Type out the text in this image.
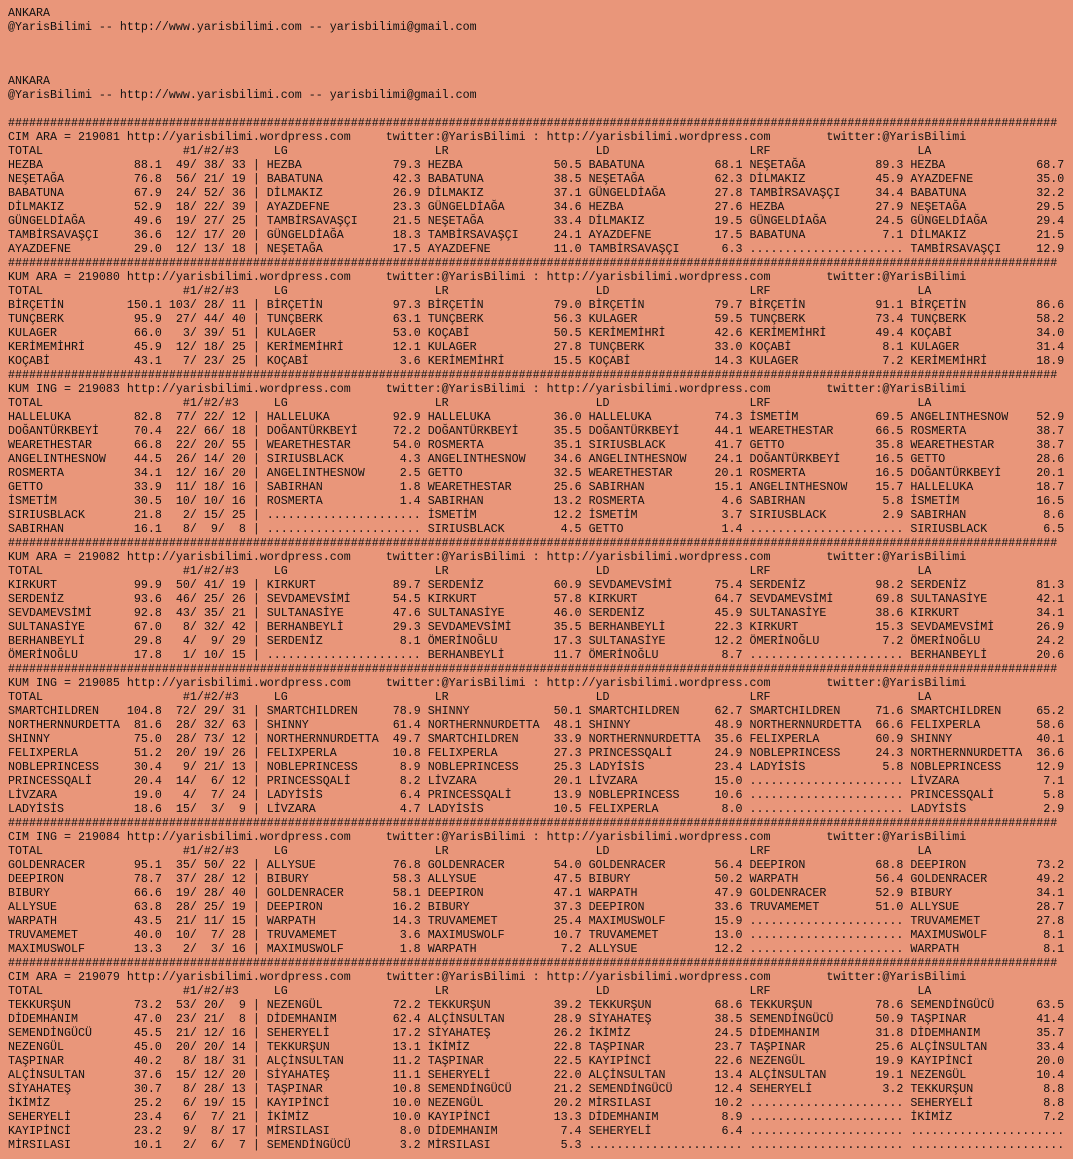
ANKARA
@YarisBilimi -- http://www.yarisbilimi.com -- yarisbilimi@gmail.com
ANKARA
@YarisBilimi -- http://www.yarisbilimi.com -- yarisbilimi@gmail.com
######################################################################################################################################################
CIM ARA = 219081 http://yarisbilimi.wordpress.com	twitter:@YarisBilimi : http://yarisbilimi.wordpress.com	twitter:@YarisBilimi
TOTAL	#1/#2/#3	LG	LR	LD	LRF	LA
HEZBA	88.1	49 / 38 / 33 | HEZBA	79.3 HEZBA	50.5 BABATUNA	68.1 NEŞETAĞA	89.3 HEZBA	68.7
NEŞETAĞA	76.8	56 / 21 / 19 | BABATUNA	42.3 BABATUNA	38.5 NEŞETAĞA	62.3 DİLMAKIZ	45.9 AYAZDEFNE	35.0
BABATUNA	67.9	24 / 52 / 36 | DİLMAKIZ	26.9 DİLMAKIZ	37.1 GÜNGELDİAĞA	27.8 TAMBİRSAVAŞÇI	34.4 BABATUNA	32.2
DİLMAKIZ	52.9	18 / 22 / 39 | AYAZDEFNE	23.3 GÜNGELDİAĞA	34.6 HEZBA	27.6 HEZBA	27.9 NEŞETAĞA	29.5
GÜNGELDİAĞA	49.6	19 / 27 / 25 | TAMBİRSAVAŞÇI	21.5 NEŞETAĞA	33.4 DİLMAKIZ	19.5 GÜNGELDİAĞA	24.5 GÜNGELDİAĞA	29.4
TAMBİRSAVAŞÇI	36.6	12 / 17 / 20 | GÜNGELDİAĞA	18.3 TAMBİRSAVAŞÇI	24.1 AYAZDEFNE	17.5 BABATUNA	7.1 DİLMAKIZ	21.5
AYAZDEFNE	29.0	12 / 13 / 18 | NEŞETAĞA	17.5 AYAZDEFNE	11.0 TAMBİRSAVAŞÇI	6.3 ...................... TAMBİRSAVAŞÇI	12.9
######################################################################################################################################################
KUM ARA = 219080 http://yarisbilimi.wordpress.com	twitter:@YarisBilimi : http://yarisbilimi.wordpress.com	twitter:@YarisBilimi
TOTAL	#1/#2/#3	LG	LR	LD	LRF	LA
BİRÇETİN	150.1 103 / 28 / 11 | BİRÇETİN	97.3 BİRÇETİN	79.0 BİRÇETİN	79.7 BİRÇETİN	91.1 BİRÇETİN	86.6
TUNÇBERK	95.9	27 / 44 / 40 | TUNÇBERK	63.1 TUNÇBERK	56.3 KULAGER	59.5 TUNÇBERK	73.4 TUNÇBERK	58.2
KULAGER	66.0	3 / 39 / 51 | KULAGER	53.0 KOÇABİ	50.5 KERİMEMİHRİ	42.6 KERİMEMİHRİ	49.4 KOÇABİ	34.0
KERİMEMİHRİ	45.9	12 / 18 / 25 | KERİMEMİHRİ	12.1 KULAGER	27.8 TUNÇBERK	33.0 KOÇABİ	8.1 KULAGER	31.4
KOÇABİ	43.1	7 / 23 / 25 | KOÇABİ	3.6 KERİMEMİHRİ	15.5 KOÇABİ	14.3 KULAGER	7.2 KERİMEMİHRİ	18.9
######################################################################################################################################################
KUM ING = 219083 http://yarisbilimi.wordpress.com	twitter:@YarisBilimi : http://yarisbilimi.wordpress.com	twitter:@YarisBilimi
TOTAL	#1/#2/#3	LG	LR	LD	LRF	LA
HALLELUKA	82.8	77 / 22 / 12 | HALLELUKA	92.9 HALLELUKA	36.0 HALLELUKA	74.3 İSMETİM	69.5 ANGELINTHESNOW	52.9
DOĞANTÜRKBEYİ	70.4	22 / 66 / 18 | DOĞANTÜRKBEYİ	72.2 DOĞANTÜRKBEYİ	35.5 DOĞANTÜRKBEYİ	44.1 WEARETHESTAR	66.5 ROSMERTA	38.7
WEARETHESTAR	66.8	22 / 20 / 55 | WEARETHESTAR	54.0 ROSMERTA	35.1 SIRIUSBLACK	41.7 GETTO	35.8 WEARETHESTAR	38.7
ANGELINTHESNOW	44.5	26 / 14 / 20 | SIRIUSBLACK	4.3 ANGELINTHESNOW	34.6 ANGELINTHESNOW	24.1 DOĞANTÜRKBEYİ	16.5 GETTO	28.6
ROSMERTA	34.1	12 / 16 / 20 | ANGELINTHESNOW	2.5 GETTO	32.5 WEARETHESTAR	20.1 ROSMERTA	16.5 DOĞANTÜRKBEYİ	20.1
GETTO	33.9	11 / 18 / 16 | SABIRHAN	1.8 WEARETHESTAR	25.6 SABIRHAN	15.1 ANGELINTHESNOW	15.7 HALLELUKA	18.7
İSMETİM	30.5	10 / 10 / 16 | ROSMERTA	1.4 SABIRHAN	13.2 ROSMERTA	4.6 SABIRHAN	5.8 İSMETİM	16.5
SIRIUSBLACK	21.8	2 / 15 / 25 | ...................... İSMETİM	12.2 İSMETİM	3.7 SIRIUSBLACK	2.9 SABIRHAN	8.6
SABIRHAN	16.1	8 /	9 /	8 | ...................... SIRIUSBLACK	4.5 GETTO	1.4 ...................... SIRIUSBLACK	6.5
######################################################################################################################################################
KUM ARA = 219082 http://yarisbilimi.wordpress.com	twitter:@YarisBilimi : http://yarisbilimi.wordpress.com	twitter:@YarisBilimi
TOTAL	#1/#2/#3	LG	LR	LD	LRF	LA
KIRKURT	99.9	50 / 41 / 19 | KIRKURT	89.7 SERDENİZ	60.9 SEVDAMEVSİMİ	75.4 SERDENİZ	98.2 SERDENİZ	81.3
SERDENİZ	93.6	46 / 25 / 26 | SEVDAMEVSİMİ	54.5 KIRKURT	57.8 KIRKURT	64.7 SEVDAMEVSİMİ	69.8 SULTANASİYE	42.1
SEVDAMEVSİMİ	92.8	43 / 35 / 21 | SULTANASİYE	47.6 SULTANASİYE	46.0 SERDENİZ	45.9 SULTANASİYE	38.6 KIRKURT	34.1
SULTANASİYE	67.0	8 / 32 / 42 | BERHANBEYLİ	29.3 SEVDAMEVSİMİ	35.5 BERHANBEYLİ	22.3 KIRKURT	15.3 SEVDAMEVSİMİ	26.9
BERHANBEYLİ	29.8	4 /	9 / 29 | SERDENİZ	8.1 ÖMERİNOĞLU	17.3 SULTANASİYE	12.2 ÖMERİNOĞLU	7.2 ÖMERİNOĞLU	24.2
ÖMERİNOĞLU	17.8	1 / 10 / 15 | ...................... BERHANBEYLİ	11.7 ÖMERİNOĞLU	8.7 ...................... BERHANBEYLİ	20.6
######################################################################################################################################################
KUM ING = 219085 http://yarisbilimi.wordpress.com	twitter:@YarisBilimi : http://yarisbilimi.wordpress.com	twitter:@YarisBilimi
TOTAL	#1/#2/#3	LG	LR	LD	LRF	LA
SMARTCHILDREN	104.8	72 / 29 / 31 | SMARTCHILDREN	78.9 SHINNY	50.1 SMARTCHILDREN	62.7 SMARTCHILDREN	71.6 SMARTCHILDREN	65.2
NORTHERNNURDETTA	81.6	28 / 32 / 63 | SHINNY	61.4 NORTHERNNURDETTA	48.1 SHINNY	48.9 NORTHERNNURDETTA	66.6 FELIXPERLA	58.6
SHINNY	75.0	28 / 73 / 12 | NORTHERNNURDETTA	49.7 SMARTCHILDREN	33.9 NORTHERNNURDETTA	35.6 FELIXPERLA	60.9 SHINNY	40.1
FELIXPERLA	51.2	20 / 19 / 26 | FELIXPERLA	10.8 FELIXPERLA	27.3 PRINCESSQALİ	24.9 NOBLEPRINCESS	24.3 NORTHERNNURDETTA	36.6
NOBLEPRINCESS	30.4	9 / 21 / 13 | NOBLEPRINCESS	8.9 NOBLEPRINCESS	25.3 LADYİSİS	23.4 LADYİSİS	5.8 NOBLEPRINCESS	12.9
PRINCESSQALİ	20.4	14 /	6 / 12 | PRINCESSQALİ	8.2 LİVZARA	20.1 LİVZARA	15.0 ...................... LİVZARA	7.1
LİVZARA	19.0	4 /	7 / 24 | LADYİSİS	6.4 PRINCESSQALİ	13.9 NOBLEPRINCESS	10.6 ...................... PRINCESSQALİ	5.8
LADYİSİS	18.6	15 /	3 /	9 | LİVZARA	4.7 LADYİSİS	10.5 FELIXPERLA	8.0 ...................... LADYİSİS	2.9
######################################################################################################################################################
CIM ING = 219084 http://yarisbilimi.wordpress.com	twitter:@YarisBilimi : http://yarisbilimi.wordpress.com	twitter:@YarisBilimi
TOTAL	#1/#2/#3	LG	LR	LD	LRF	LA
GOLDENRACER	95.1	35 / 50 / 22 | ALLYSUE	76.8 GOLDENRACER	54.0 GOLDENRACER	56.4 DEEPIRON	68.8 DEEPIRON	73.2
DEEPIRON	78.7	37 / 28 / 12 | BIBURY	58.3 ALLYSUE	47.5 BIBURY	50.2 WARPATH	56.4 GOLDENRACER	49.2
BIBURY	66.6	19 / 28 / 40 | GOLDENRACER	58.1 DEEPIRON	47.1 WARPATH	47.9 GOLDENRACER	52.9 BIBURY	34.1
ALLYSUE	63.8	28 / 25 / 19 | DEEPIRON	16.2 BIBURY	37.3 DEEPIRON	33.6 TRUVAMEMET	51.0 ALLYSUE	28.7
WARPATH	43.5	21 / 11 / 15 | WARPATH	14.3 TRUVAMEMET	25.4 MAXIMUSWOLF	15.9 ...................... TRUVAMEMET	27.8
TRUVAMEMET	40.0	10 /	7 / 28 | TRUVAMEMET	3.6 MAXIMUSWOLF	10.7 TRUVAMEMET	13.0 ...................... MAXIMUSWOLF	8.1
MAXIMUSWOLF	13.3	2 /	3 / 16 | MAXIMUSWOLF	1.8 WARPATH	7.2 ALLYSUE	12.2 ...................... WARPATH	8.1
######################################################################################################################################################
CIM ARA = 219079 http://yarisbilimi.wordpress.com	twitter:@YarisBilimi : http://yarisbilimi.wordpress.com	twitter:@YarisBilimi
TOTAL	#1/#2/#3	LG	LR	LD	LRF	LA
TEKKURŞUN	73.2	53 / 20 /	9 | NEZENGÜL	72.2 TEKKURŞUN	39.2 TEKKURŞUN	68.6 TEKKURŞUN	78.6 SEMENDİNGÜCÜ	63.5
DİDEMHANIM	47.0	23 / 21 /	8 | DİDEMHANIM	62.4 ALÇİNSULTAN	28.9 SİYAHATEŞ	38.5 SEMENDİNGÜCÜ	50.9 TAŞPINAR	41.4
SEMENDİNGÜCÜ	45.5	21 / 12 / 16 | SEHERYELİ	17.2 SİYAHATEŞ	26.2 İKİMİZ	24.5 DİDEMHANIM	31.8 DİDEMHANIM	35.7
NEZENGÜL	45.0	20 / 20 / 14 | TEKKURŞUN	13.1 İKİMİZ	22.8 TAŞPINAR	23.7 TAŞPINAR	25.6 ALÇİNSULTAN	33.4
TAŞPINAR	40.2	8 / 18 / 31 | ALÇİNSULTAN	11.2 TAŞPINAR	22.5 KAYIPİNCİ	22.6 NEZENGÜL	19.9 KAYIPİNCİ	20.0
ALÇİNSULTAN	37.6	15 / 12 / 20 | SİYAHATEŞ	11.1 SEHERYELİ	22.0 ALÇİNSULTAN	13.4 ALÇİNSULTAN	19.1 NEZENGÜL	10.4
SİYAHATEŞ	30.7	8 / 28 / 13 | TAŞPINAR	10.8 SEMENDİNGÜCÜ	21.2 SEMENDİNGÜCÜ	12.4 SEHERYELİ	3.2 TEKKURŞUN	8.8
İKİMİZ	25.2	6 / 19 / 15 | KAYIPİNCİ	10.0 NEZENGÜL	20.2 MİRSILASI	10.2 ...................... SEHERYELİ	8.8
SEHERYELİ	23.4	6 /	7 / 21 | İKİMİZ	10.0 KAYIPİNCİ	13.3 DİDEMHANIM	8.9 ...................... İKİMİZ	7.2
KAYIPİNCİ	23.2	9 /	8 / 17 | MİRSILASI	8.0 DİDEMHANIM	7.4 SEHERYELİ	6.4 ...................... ......................
MİRSILASI	10.1	2 /	6 /	7 | SEMENDİNGÜCÜ	3.2 MİRSILASI	5.3 ...................... ...................... ......................
